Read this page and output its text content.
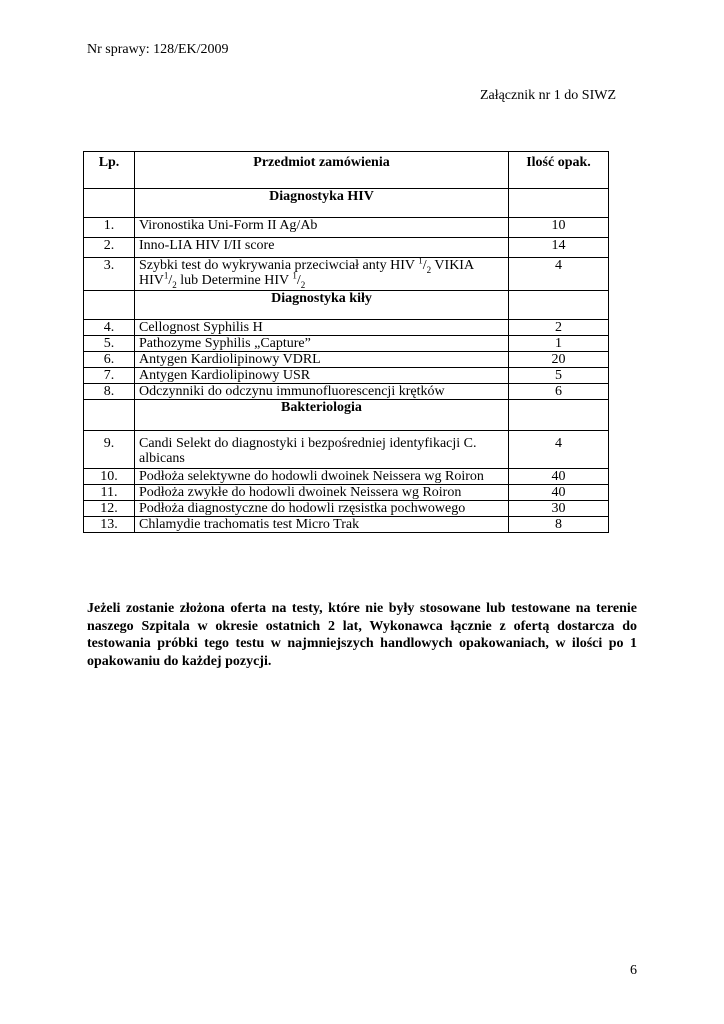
Nr sprawy: 128/EK/2009
Załącznik nr 1 do SIWZ
Lp.	Przedmiot zamówienia	Ilość opak.
	Diagnostyka HIV	
1.	Vironostika Uni-Form II Ag/Ab	10
2.	Inno-LIA HIV I/II score	14
3.	Szybki test do wykrywania przeciwciał anty HIV $^1/_2$ VIKIA $HIV^1/_2$ lub Determine HIV $^1/_2$	4
	Diagnostyka kiły	
4.	Cellognost Syphilis H	2
5.	Pathozyme Syphilis „Capture”	1
6.	Antygen Kardiolipinowy VDRL	20
7.	Antygen Kardiolipinowy USR	5
8.	Odczynniki do odczynu immunofluorescencji krętków	6
	Bakteriologia	
9.	Candi Selekt do diagnostyki i bezpośredniej identyfikacji C. albicans	4
10.	Podłoża selektywne do hodowli dwoinek Neissera wg Roiron	40
11.	Podłoża zwykłe do hodowli dwoinek Neissera wg Roiron	40
12.	Podłoża diagnostyczne do hodowli rzęsistka pochwowego	30
13.	Chlamydie trachomatis test Micro Trak	8
Jeżeli zostanie złożona oferta na testy, które nie były stosowane lub testowane na terenie naszego Szpitala w okresie ostatnich 2 lat, Wykonawca łącznie z ofertą dostarcza do testowania próbki tego testu w najmniejszych handlowych opakowaniach, w ilości po 1 opakowaniu do każdej pozycji.
6
